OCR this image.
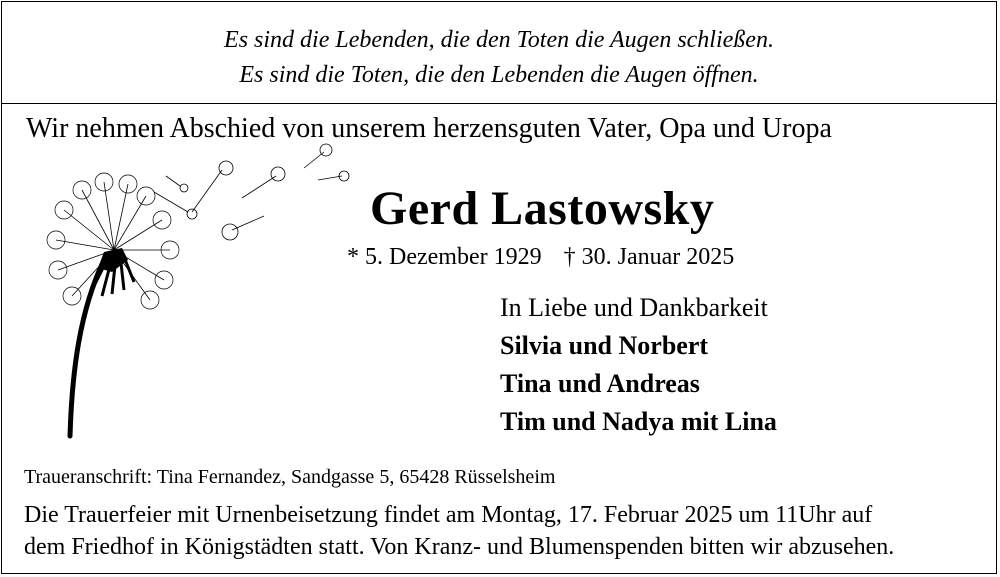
Es sind die Lebenden, die den Toten die Augen schließen.
Es sind die Toten, die den Lebenden die Augen öffnen.
Wir nehmen Abschied von unserem herzensguten Vater, Opa und Uropa
Gerd Lastowsky
* 5. Dezember 1929 † 30. Januar 2025
In Liebe und Dankbarkeit
Silvia und Norbert
Tina und Andreas
Tim und Nadya mit Lina
Traueranschrift: Tina Fernandez, Sandgasse 5, 65428 Rüsselsheim
Die Trauerfeier mit Urnenbeisetzung findet am Montag, 17. Februar 2025 um 11Uhr auf
dem Friedhof in Königstädten statt. Von Kranz- und Blumenspenden bitten wir abzusehen.
